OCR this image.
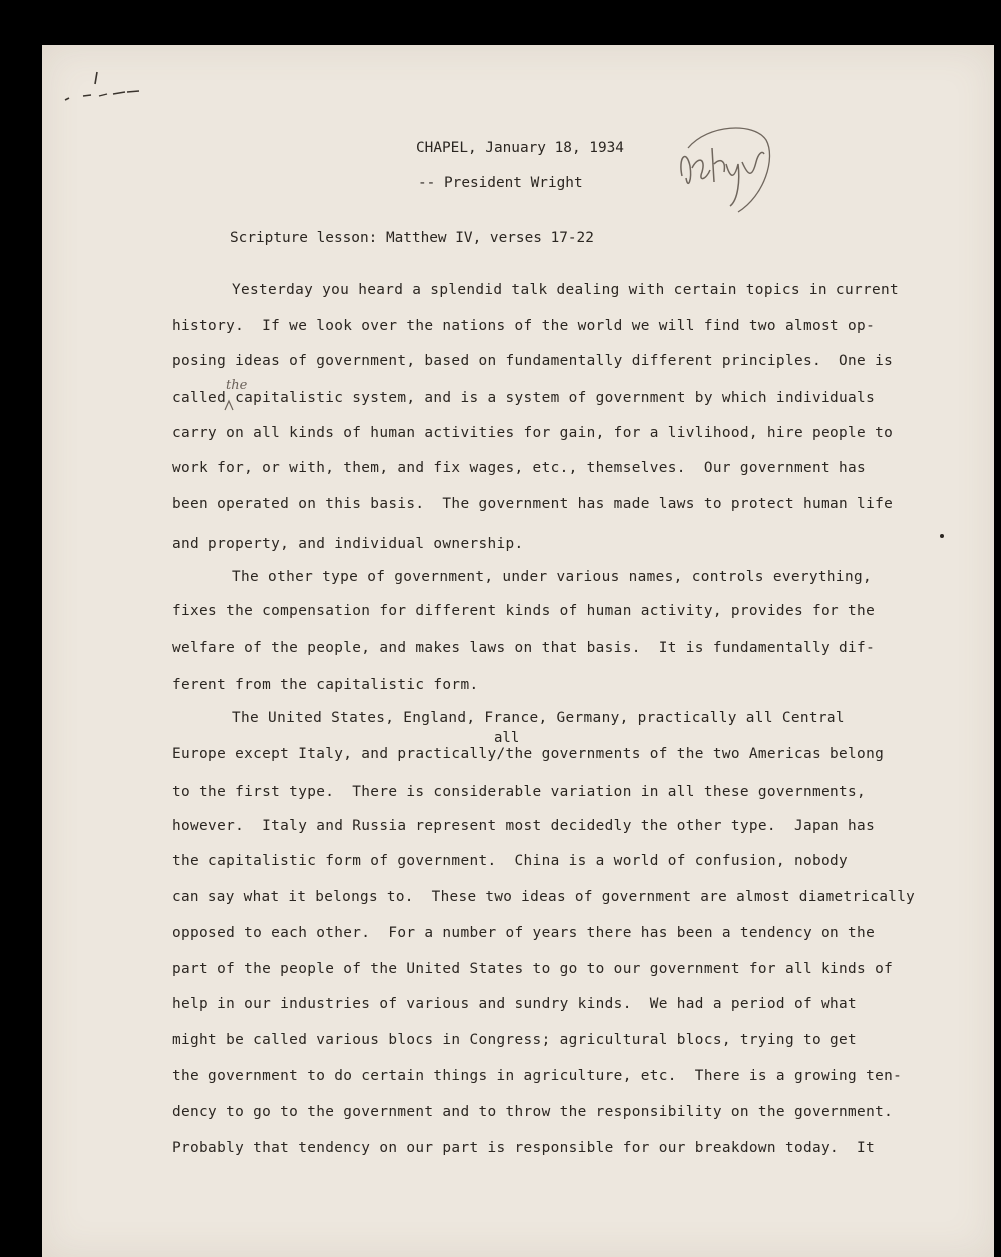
CHAPEL, January 18, 1934
-- President Wright
Scripture lesson: Matthew IV, verses 17-22
the
all
Yesterday you heard a splendid talk dealing with certain topics in current
history.  If we look over the nations of the world we will find two almost op-
posing ideas of government, based on fundamentally different principles.  One is
called capitalistic system, and is a system of government by which individuals
carry on all kinds of human activities for gain, for a livlihood, hire people to
work for, or with, them, and fix wages, etc., themselves.  Our government has
been operated on this basis.  The government has made laws to protect human life
and property, and individual ownership.
The other type of government, under various names, controls everything,
fixes the compensation for different kinds of human activity, provides for the
welfare of the people, and makes laws on that basis.  It is fundamentally dif-
ferent from the capitalistic form.
The United States, England, France, Germany, practically all Central
Europe except Italy, and practically/the governments of the two Americas belong
to the first type.  There is considerable variation in all these governments,
however.  Italy and Russia represent most decidedly the other type.  Japan has
the capitalistic form of government.  China is a world of confusion, nobody
can say what it belongs to.  These two ideas of government are almost diametrically
opposed to each other.  For a number of years there has been a tendency on the
part of the people of the United States to go to our government for all kinds of
help in our industries of various and sundry kinds.  We had a period of what
might be called various blocs in Congress; agricultural blocs, trying to get
the government to do certain things in agriculture, etc.  There is a growing ten-
dency to go to the government and to throw the responsibility on the government.
Probably that tendency on our part is responsible for our breakdown today.  It
